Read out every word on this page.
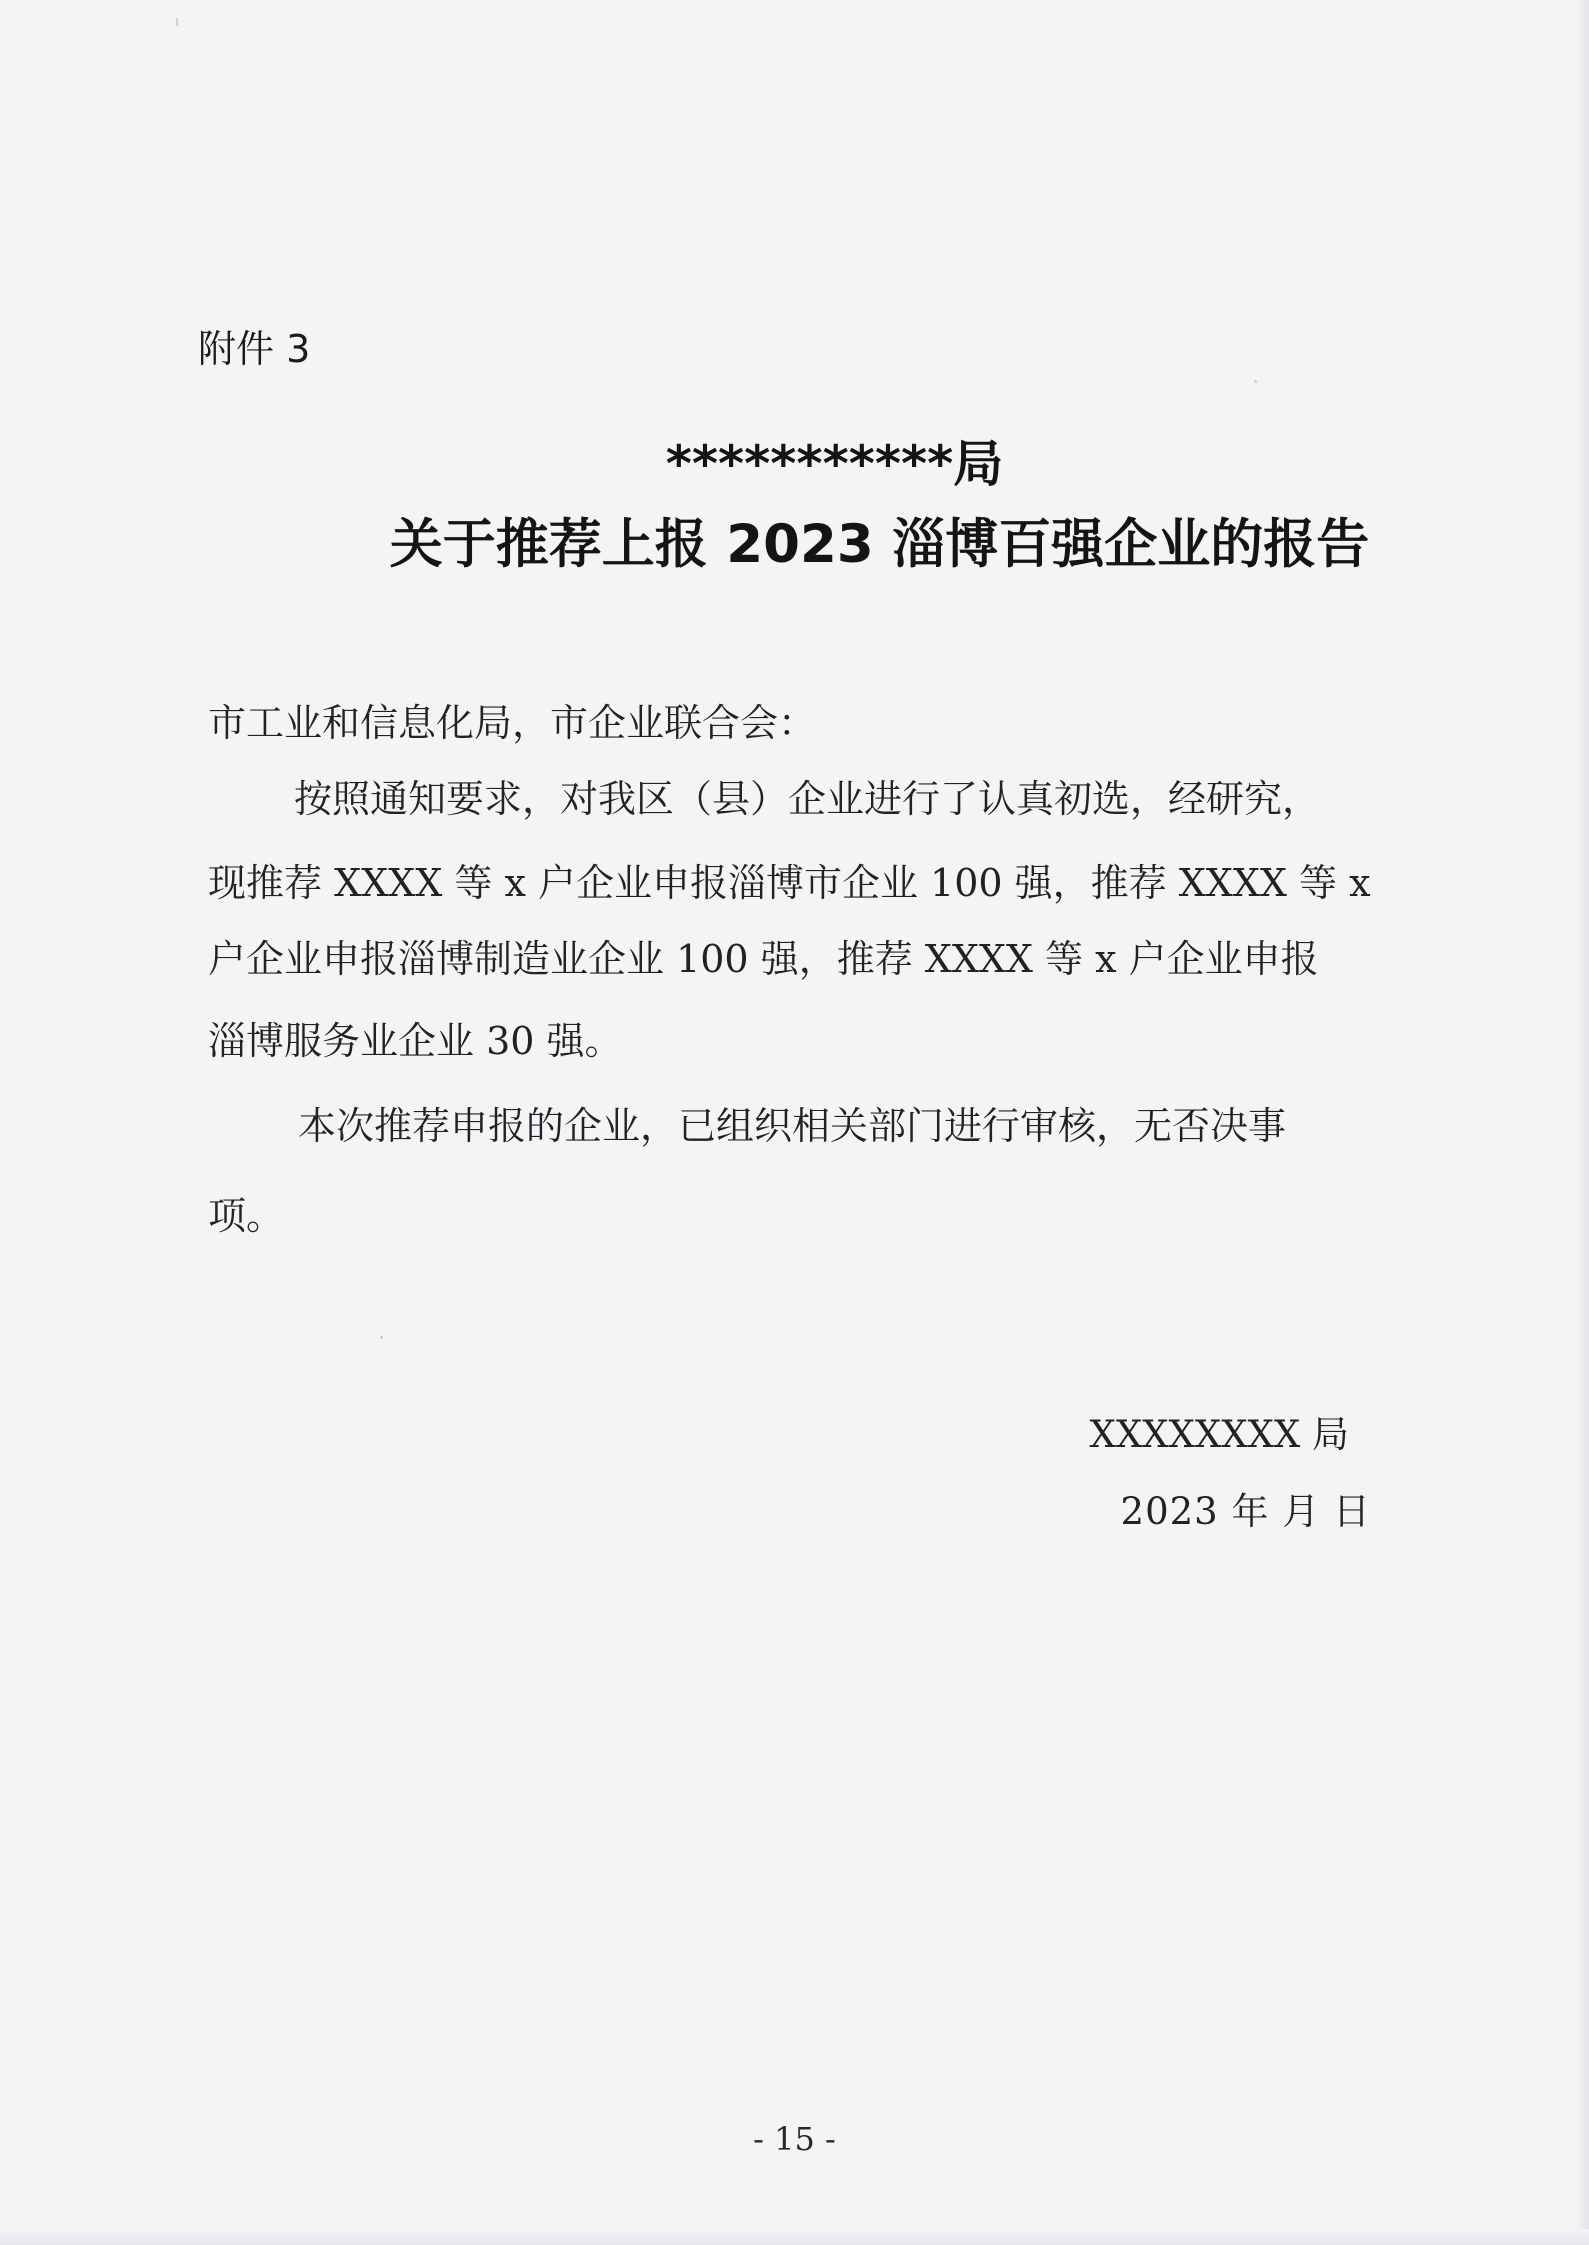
附件 3
***********局
关于推荐上报 2023 淄博百强企业的报告
市工业和信息化局，市企业联合会：
按照通知要求，对我区（县）企业进行了认真初选，经研究，
现推荐 XXXX 等 x 户企业申报淄博市企业 100 强，推荐 XXXX 等 x
户企业申报淄博制造业企业 100 强，推荐 XXXX 等 x 户企业申报
淄博服务业企业 30 强。
本次推荐申报的企业，已组织相关部门进行审核，无否决事
项。
XXXXXXXX 局
2023 年 月 日
- 15 -
